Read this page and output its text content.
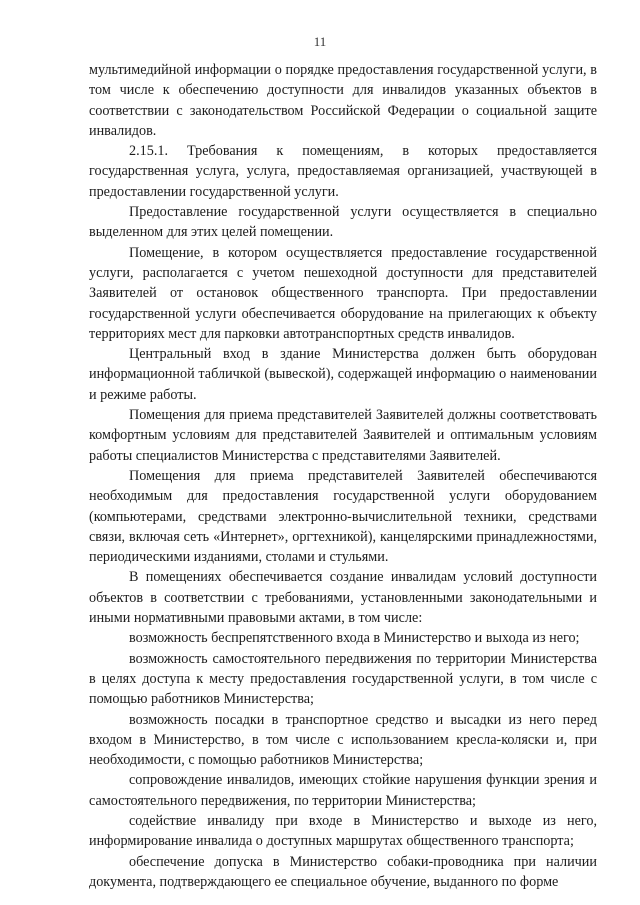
11

мультимедийной информации о порядке предоставления государственной услуги, в том числе к обеспечению доступности для инвалидов указанных объектов в соответствии с законодательством Российской Федерации о социальной защите инвалидов.

2.15.1. Требования к помещениям, в которых предоставляется государственная услуга, услуга, предоставляемая организацией, участвующей в предоставлении государственной услуги.

Предоставление государственной услуги осуществляется в специально выделенном для этих целей помещении.

Помещение, в котором осуществляется предоставление государственной услуги, располагается с учетом пешеходной доступности для представителей Заявителей от остановок общественного транспорта. При предоставлении государственной услуги обеспечивается оборудование на прилегающих к объекту территориях мест для парковки автотранспортных средств инвалидов.

Центральный вход в здание Министерства должен быть оборудован информационной табличкой (вывеской), содержащей информацию о наименовании и режиме работы.

Помещения для приема представителей Заявителей должны соответствовать комфортным условиям для представителей Заявителей и оптимальным условиям работы специалистов Министерства с представителями Заявителей.

Помещения для приема представителей Заявителей обеспечиваются необходимым для предоставления государственной услуги оборудованием (компьютерами, средствами электронно-вычислительной техники, средствами связи, включая сеть «Интернет», оргтехникой), канцелярскими принадлежностями, периодическими изданиями, столами и стульями.

В помещениях обеспечивается создание инвалидам условий доступности объектов в соответствии с требованиями, установленными законодательными и иными нормативными правовыми актами, в том числе:

возможность беспрепятственного входа в Министерство и выхода из него;

возможность самостоятельного передвижения по территории Министерства в целях доступа к месту предоставления государственной услуги, в том числе с помощью работников Министерства;

возможность посадки в транспортное средство и высадки из него перед входом в Министерство, в том числе с использованием кресла-коляски и, при необходимости, с помощью работников Министерства;

сопровождение инвалидов, имеющих стойкие нарушения функции зрения и самостоятельного передвижения, по территории Министерства;

содействие инвалиду при входе в Министерство и выходе из него, информирование инвалида о доступных маршрутах общественного транспорта;

обеспечение допуска в Министерство собаки-проводника при наличии документа, подтверждающего ее специальное обучение, выданного по форме
